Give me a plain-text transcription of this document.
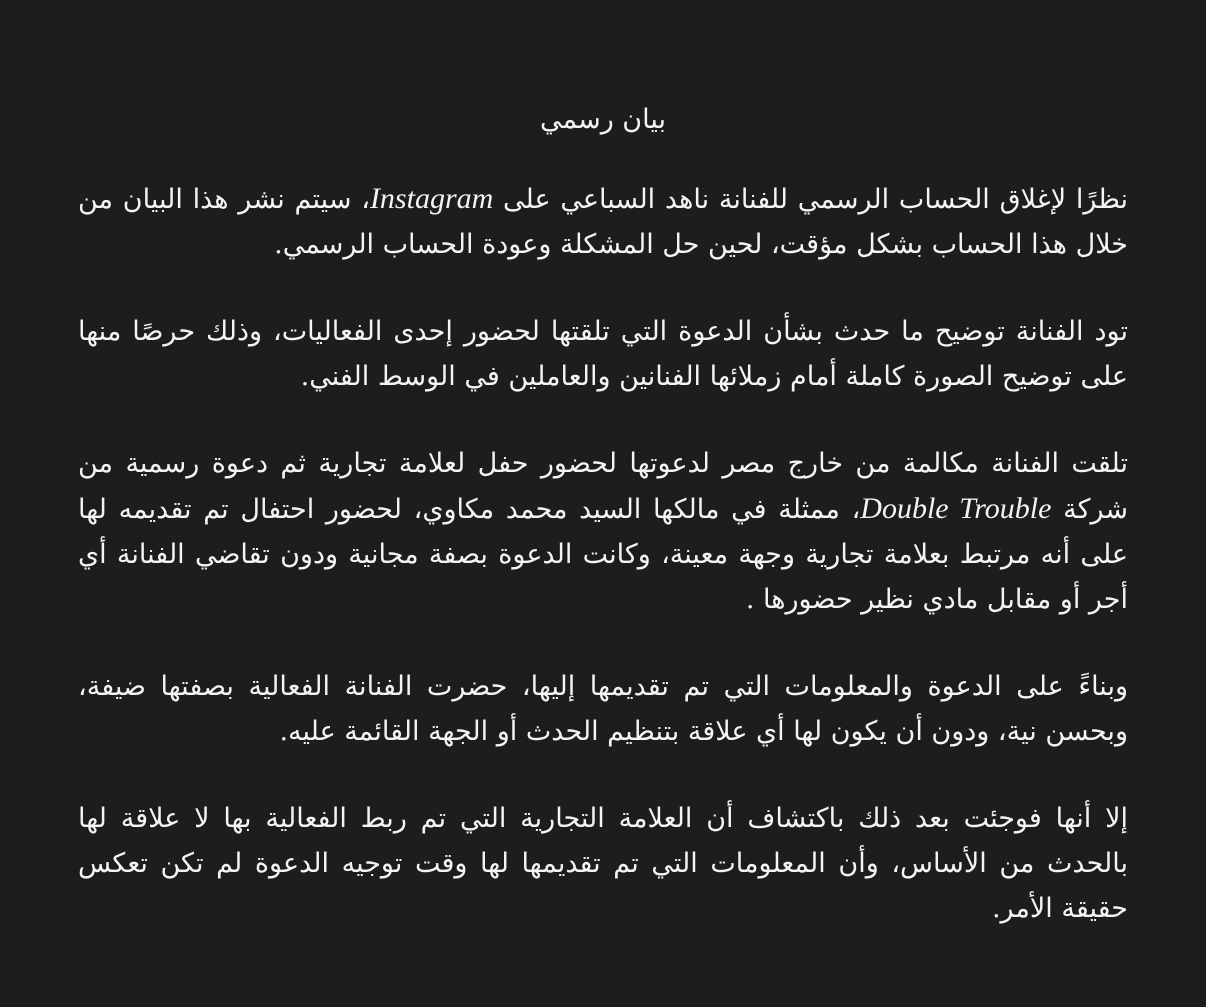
بيان رسمي

نظرًا لإغلاق الحساب الرسمي للفنانة ناهد السباعي على Instagram، سيتم نشر هذا البيان من خلال هذا الحساب بشكل مؤقت، لحين حل المشكلة وعودة الحساب الرسمي.

تود الفنانة توضيح ما حدث بشأن الدعوة التي تلقتها لحضور إحدى الفعاليات، وذلك حرصًا منها على توضيح الصورة كاملة أمام زملائها الفنانين والعاملين في الوسط الفني.

تلقت الفنانة مكالمة من خارج مصر لدعوتها لحضور حفل لعلامة تجارية ثم دعوة رسمية من شركة Double Trouble، ممثلة في مالكها السيد محمد مكاوي، لحضور احتفال تم تقديمه لها على أنه مرتبط بعلامة تجارية وجهة معينة، وكانت الدعوة بصفة مجانية ودون تقاضي الفنانة أي أجر أو مقابل مادي نظير حضورها .

وبناءً على الدعوة والمعلومات التي تم تقديمها إليها، حضرت الفنانة الفعالية بصفتها ضيفة، وبحسن نية، ودون أن يكون لها أي علاقة بتنظيم الحدث أو الجهة القائمة عليه.

إلا أنها فوجئت بعد ذلك باكتشاف أن العلامة التجارية التي تم ربط الفعالية بها لا علاقة لها بالحدث من الأساس، وأن المعلومات التي تم تقديمها لها وقت توجيه الدعوة لم تكن تعكس حقيقة الأمر.
